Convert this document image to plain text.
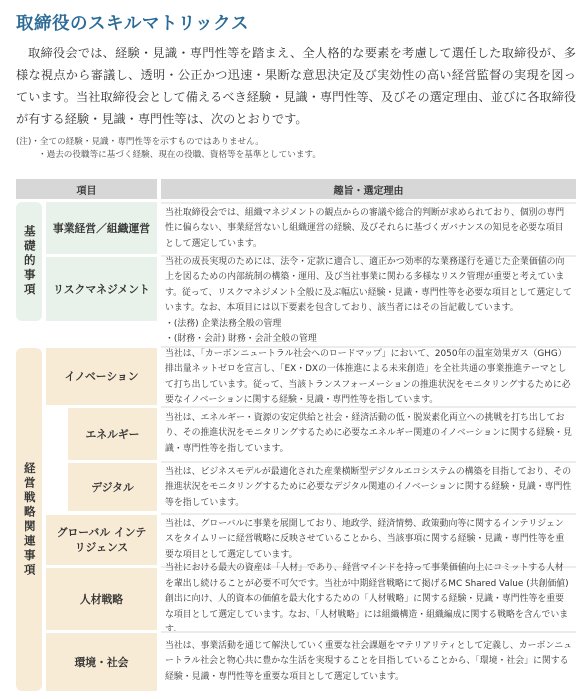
取締役のスキルマトリックス
取締役会では、経験・見識・専門性等を踏まえ、全人格的な要素を考慮して選任した取締役が、多様な視点から審議し、透明・公正かつ迅速・果断な意思決定及び実効性の高い経営監督の実現を図っています。当社取締役会として備えるべき経験・見識・専門性等、及びその選定理由、並びに各取締役が有する経験・見識・専門性等は、次のとおりです。
(注)・全ての経験・見識・専門性等を示すものではありません。
・過去の役職等に基づく経験、現在の役職、資格等を基準としています。
項目	趣旨・選定理由
基礎的事項
経営戦略関連事項
事業経営／組織運営

当社取締役会では、組織マネジメントの観点からの審議や総合的判断が求められており、個別の専門性に偏らない、事業経営ないし組織運営の経験、及びそれらに基づくガバナンスの知見を必要な項目として選定しています。

リスクマネジメント

当社の成長実現のためには、法令・定款に適合し、適正かつ効率的な業務遂行を通じた企業価値の向上を図るための内部統制の構築・運用、及び当社事業に関わる多様なリスク管理が重要と考えています。従って、リスクマネジメント全般に及ぶ幅広い経験・見識・専門性等を必要な項目として選定しています。なお、本項目には以下要素を包含しており、該当者にはその旨記載しています。

・(法務) 企業法務全般の管理
・(財務・会計) 財務・会計全般の管理
イノベーション

当社は、「カーボンニュートラル社会へのロードマップ」において、2050年の温室効果ガス（GHG）排出量ネットゼロを宣言し、「EX・DXの一体推進による未来創造」を全社共通の事業推進テーマとして打ち出しています。従って、当該トランスフォーメーションの推進状況をモニタリングするために必要なイノベーションに関する経験・見識・専門性等を指しています。

エネルギー

当社は、エネルギー・資源の安定供給と社会・経済活動の低・脱炭素化両立への挑戦を打ち出しており、その推進状況をモニタリングするために必要なエネルギー関連のイノベーションに関する経験・見識・専門性等を指しています。

デジタル

当社は、ビジネスモデルが最適化された産業横断型デジタルエコシステムの構築を目指しており、その推進状況をモニタリングするために必要なデジタル関連のイノベーションに関する経験・見識・専門性等を指しています。

グローバル インテリジェンス

当社は、グローバルに事業を展開しており、地政学、経済情勢、政策動向等に関するインテリジェンスをタイムリーに経営戦略に反映させていることから、当該事項に関する経験・見識・専門性等を重要な項目として選定しています。

人材戦略

当社における最大の資産は「人材」であり、経営マインドを持って事業価値向上にコミットする人材を輩出し続けることが必要不可欠です。当社が中期経営戦略にて掲げるMC Shared Value (共創価値)創出に向け、人的資本の価値を最大化するための「人材戦略」に関する経験・見識・専門性等を重要な項目として選定しています。なお、「人材戦略」には組織構造・組織編成に関する戦略を含んでいま

環境・社会

当社は、事業活動を通じて解決していく重要な社会課題をマテリアリティとして定義し、カーボンニュートラル社会と物心共に豊かな生活を実現することを目指していることから、「環境・社会」に関する経験・見識・専門性等を重要な項目として選定しています。
